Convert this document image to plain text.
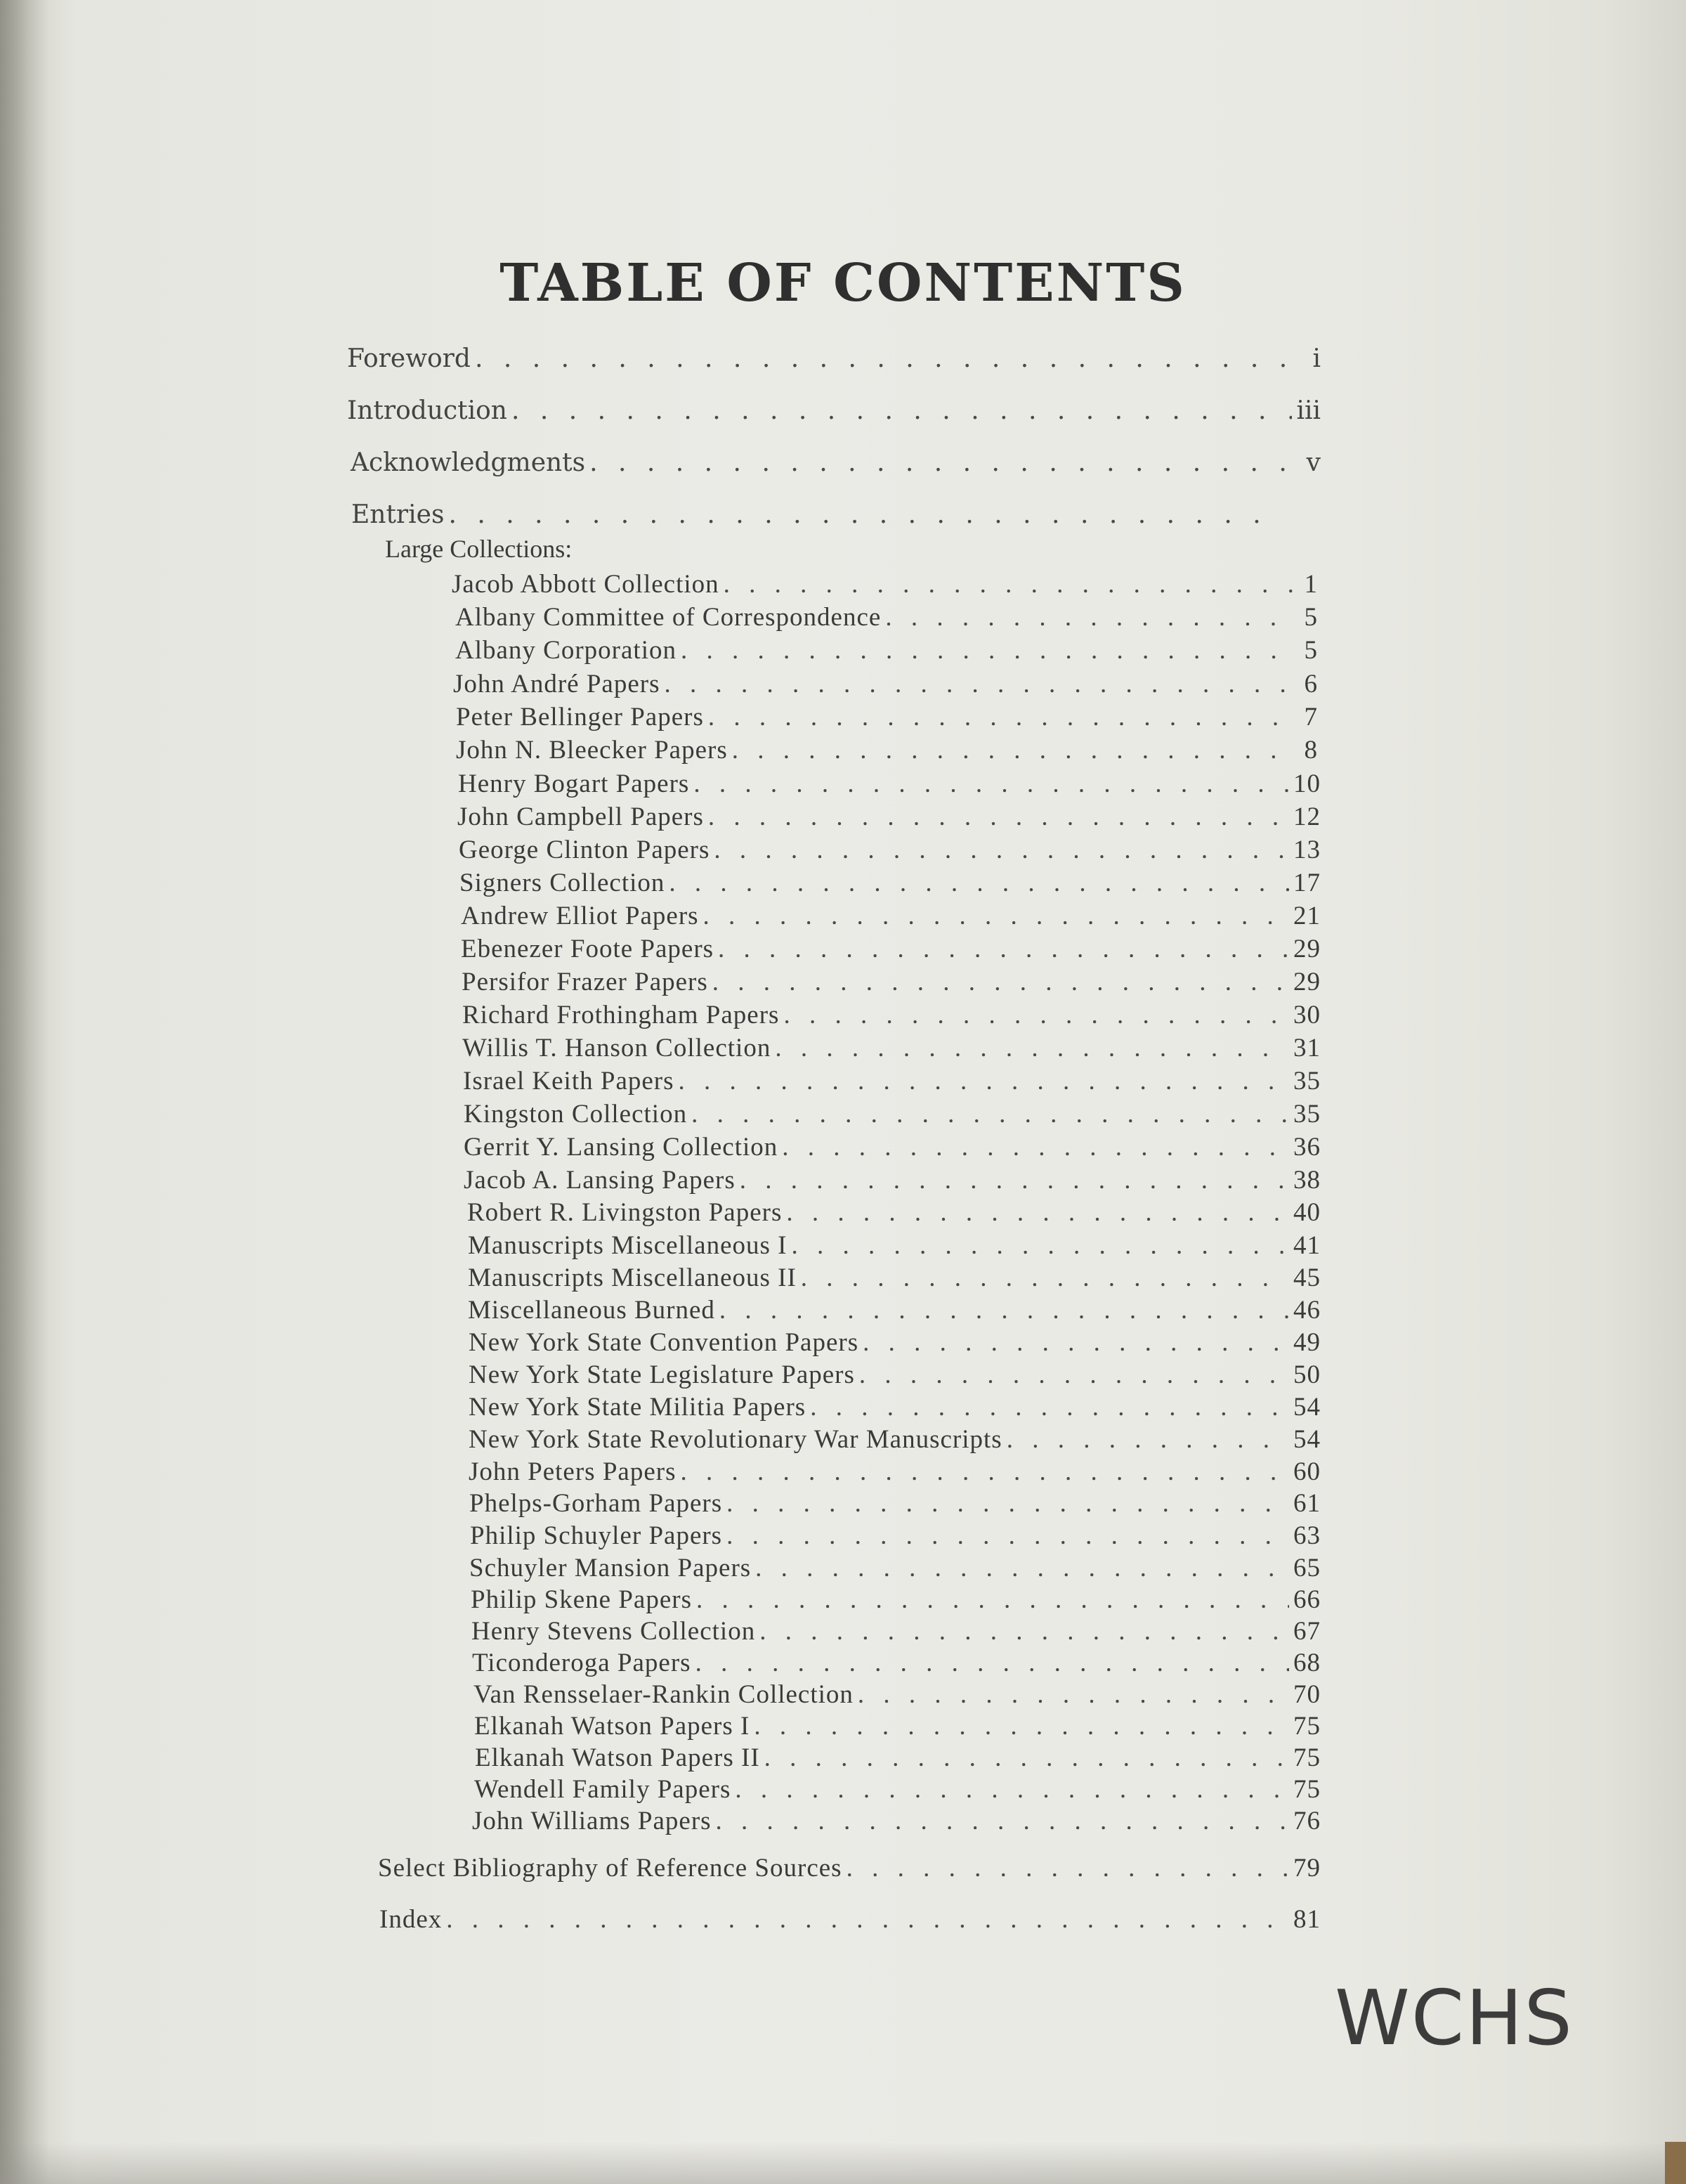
TABLE OF CONTENTS
Foreword . . .	i
Introduction . . .	iii
Acknowledgments . . .	v
Entries
. . .
Large Collections:
Jacob Abbott Collection . . .	1
Albany Committee of Correspondence . . .	5
Albany Corporation . . .	5
John André Papers . . .	6
Peter Bellinger Papers . . .	7
John N. Bleecker Papers . . .	8
Henry Bogart Papers . . .	10
John Campbell Papers . . .	12
George Clinton Papers . . .	13
Signers Collection . . .	17
Andrew Elliot Papers . . .	21
Ebenezer Foote Papers . . .	29
Persifor Frazer Papers . . .	29
Richard Frothingham Papers . . .	30
Willis T. Hanson Collection . . .	31
Israel Keith Papers . . .	35
Kingston Collection . . .	35
Gerrit Y. Lansing Collection . . .	36
Jacob A. Lansing Papers . . .	38
Robert R. Livingston Papers . . .	40
Manuscripts Miscellaneous I . . .	41
Manuscripts Miscellaneous II . . .	45
Miscellaneous Burned . . .	46
New York State Convention Papers . . .	49
New York State Legislature Papers . . .	50
New York State Militia Papers . . .	54
New York State Revolutionary War Manuscripts . . .	54
John Peters Papers . . .	60
Phelps-Gorham Papers . . .	61
Philip Schuyler Papers . . .	63
Schuyler Mansion Papers . . .	65
Philip Skene Papers . . .	66
Henry Stevens Collection . . .	67
Ticonderoga Papers . . .	68
Van Rensselaer-Rankin Collection . . .	70
Elkanah Watson Papers I . . .	75
Elkanah Watson Papers II . . .	75
Wendell Family Papers . . .	75
John Williams Papers . . .	76
Select Bibliography of Reference Sources . . .	79
Index . . .	81
WCHS
